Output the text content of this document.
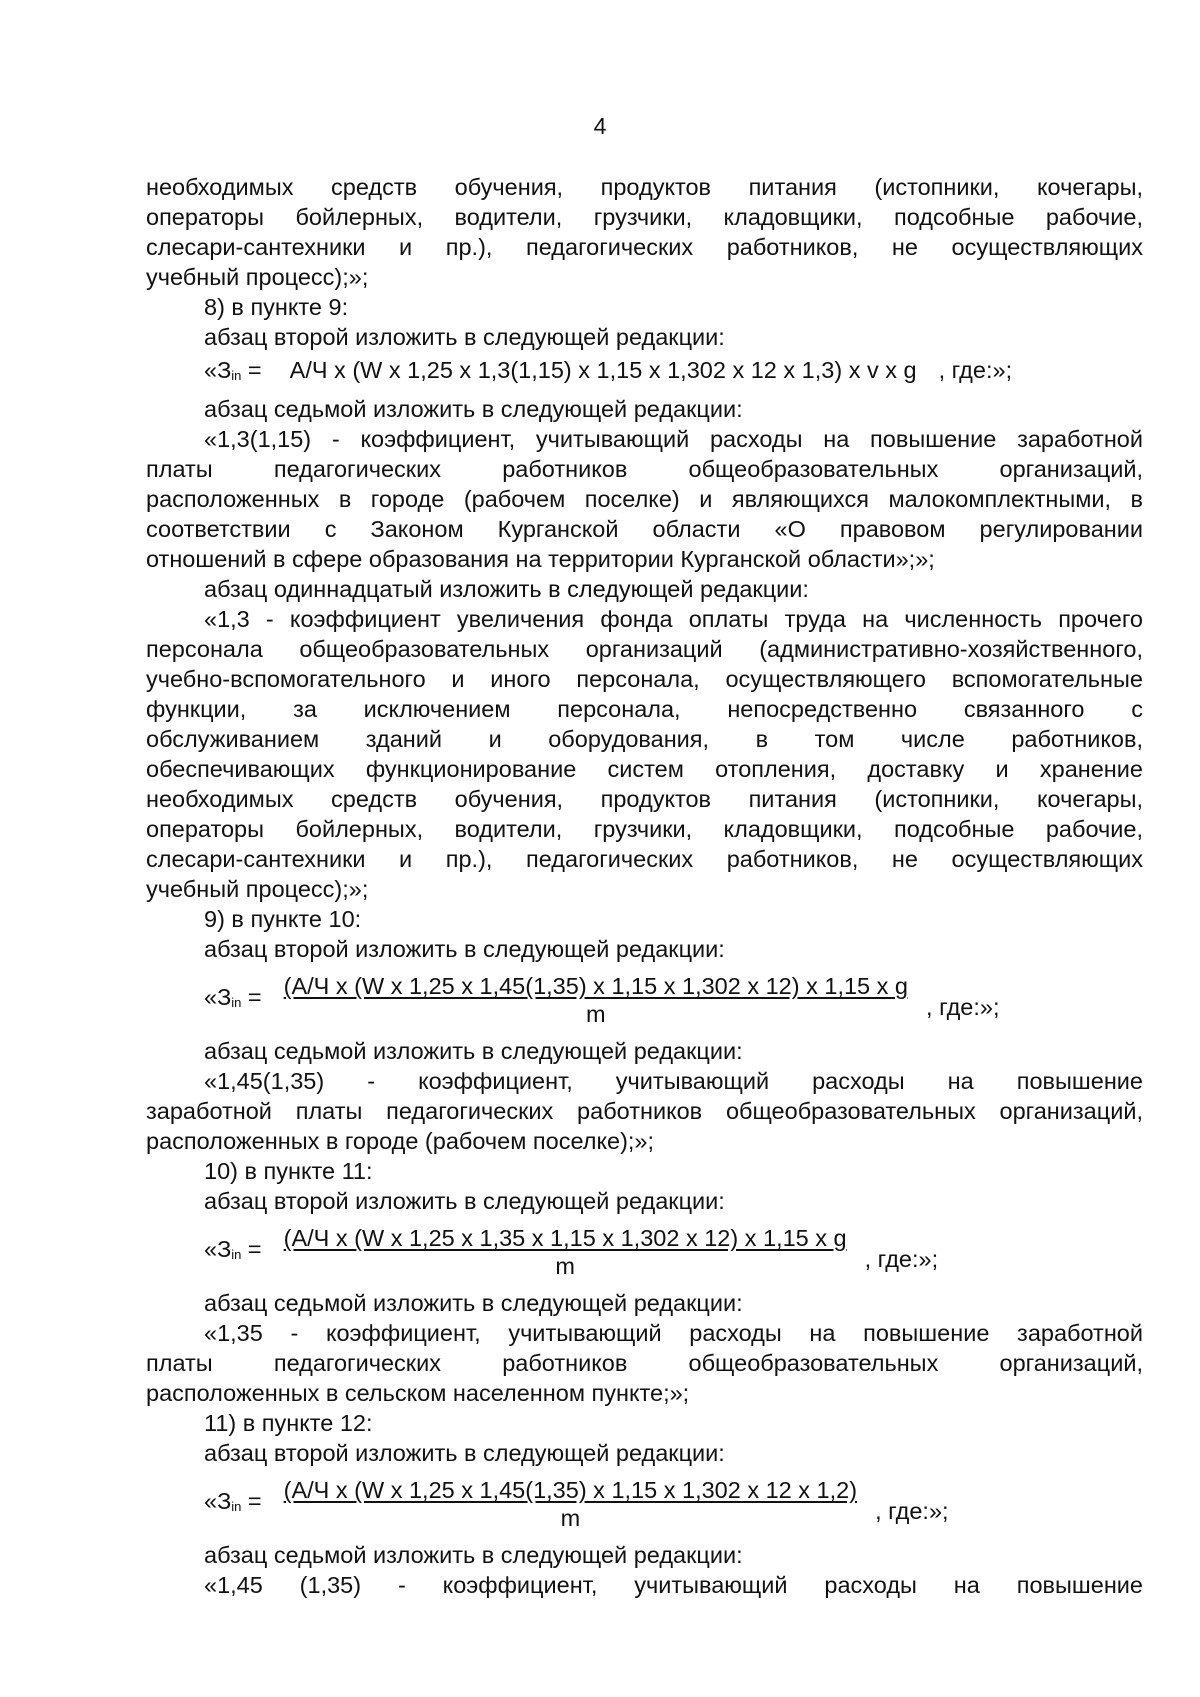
4

необходимых средств обучения, продуктов питания (истопники, кочегары,

операторы бойлерных, водители, грузчики, кладовщики, подсобные рабочие,

слесари-сантехники и пр.), педагогических работников, не осуществляющих

учебный процесс);»;

8) в пункте 9:

абзац второй изложить в следующей редакции:

«$З_{in} = А/Ч$ х (W х 1,25 х 1,3(1,15) х 1,15 х 1,302 х 12 х 1,3) х v х g , где:»;

абзац седьмой изложить в следующей редакции:

«1,3(1,15) - коэффициент, учитывающий расходы на повышение заработной

платы педагогических работников общеобразовательных организаций,

расположенных в городе (рабочем поселке) и являющихся малокомплектными, в

соответствии с Законом Курганской области «О правовом регулировании

отношений в сфере образования на территории Курганской области»;»;

абзац одиннадцатый изложить в следующей редакции:

«1,3 - коэффициент увеличения фонда оплаты труда на численность прочего

персонала общеобразовательных организаций (административно-хозяйственного,

учебно-вспомогательного и иного персонала, осуществляющего вспомогательные

функции, за исключением персонала, непосредственно связанного с

обслуживанием зданий и оборудования, в том числе работников,

обеспечивающих функционирование систем отопления, доставку и хранение

необходимых средств обучения, продуктов питания (истопники, кочегары,

операторы бойлерных, водители, грузчики, кладовщики, подсобные рабочие,

слесари-сантехники и пр.), педагогических работников, не осуществляющих

учебный процесс);»;

9) в пункте 10:

абзац второй изложить в следующей редакции:

«$З_{in} = (А/Ч$ х (W х 1,25 х 1,45(1,35) х 1,15 х 1,302 х 12) х 1,15 х g
m	, где:»;

абзац седьмой изложить в следующей редакции:

«1,45(1,35) - коэффициент, учитывающий расходы на повышение

заработной платы педагогических работников общеобразовательных организаций,

расположенных в городе (рабочем поселке);»;

10) в пункте 11:

абзац второй изложить в следующей редакции:

«$З_{in} = \frac{\text{(А/Ч х (W х 1,25 х 1,35 х 1,15 х 1,302 х 12) х 1,15 х g}}{m}$ , где:»;

абзац седьмой изложить в следующей редакции:

«1,35 - коэффициент, учитывающий расходы на повышение заработной

платы педагогических работников общеобразовательных организаций,

расположенных в сельском населенном пункте;»;

11) в пункте 12:

абзац второй изложить в следующей редакции:

«$З_{in} = \frac{\text{(А/Ч х (W х 1,25 х 1,45(1,35) х 1,15 х 1,302 х 12 х 1,2)}}{m}$ , где:»;

абзац седьмой изложить в следующей редакции:

«1,45 (1,35) - коэффициент, учитывающий расходы на повышение
